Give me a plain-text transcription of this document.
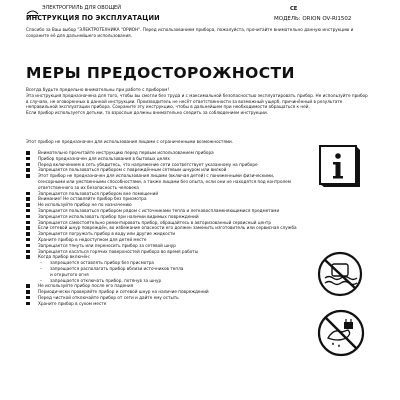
ЭЛЕКТРОГРИЛЬ ДЛЯ ОВОЩЕЙ
ИНСТРУКЦИЯ ПО ЭКСПЛУАТАЦИИ
CE
МОДЕЛЬ: ORION OV-RI1502
Спасибо за Ваш выбор "ЭЛЕКТРОТЕХНИКА "ОРИОН". Перед использованием прибора, пожалуйста, прочитайте внимательно данную инструкцию и сохраните её для дальнейшего использования.
МЕРЫ ПРЕДОСТОРОЖНОСТИ

Всегда будьте предельно внимательны при работе с прибором!

Эта инструкция предназначена для того, чтобы вы смогли без труда и с максимальной безопасностью эксплуатировать прибор. Не используйте прибор в случаях, не оговоренных в данной инструкции. Производитель не несёт ответственности за возможный ущерб, причинённый в результате неправильной эксплуатации прибора. Сохраните эту инструкцию, чтобы в дальнейшем при необходимости обращаться к ней.

Если прибор используется детьми, то взрослые должны внимательно следить за соблюдением инструкции.

Этот прибор не предназначен для использования лицами с ограниченными возможностями.
Внимательно прочитайте инструкцию перед первым использованием прибора
Прибор предназначен для использования в бытовых целях
Перед включением в сеть убедитесь, что напряжение сети соответствует указанному на приборе
Запрещается пользоваться прибором с повреждённым сетевым шнуром или вилкой
Этот прибор не предназначен для использования лицами (включая детей) с пониженными физическими, сенсорными или умственными способностями, а также лицами без опыта, если они не находятся под контролем ответственного за их безопасность человека
Запрещается пользоваться прибором вне помещений
Внимание! Не оставляйте прибор без присмотра
Не используйте прибор не по назначению
Запрещается пользоваться прибором рядом с источниками тепла и легковоспламеняющимися предметами
Запрещается использовать прибор при наличии видимых повреждений
Запрещается самостоятельно ремонтировать прибор, обращайтесь в авторизованный сервисный центр
Если сетевой шнур повреждён, во избежание опасности его должен заменить изготовитель или сервисная служба
Запрещается погружать прибор в воду или другие жидкости
Храните прибор в недоступном для детей месте
Запрещается тянуть или переносить прибор за сетевой шнур
Запрещается касаться горячих поверхностей прибора во время работы
Когда прибор включён:
– запрещается оставлять прибор без присмотра
– запрещается располагать прибор вблизи источников тепла
и открытого огня
– запрещается отключать прибор, потянув за шнур
Не используйте прибор после его падения
Периодически проверяйте прибор и сетевой шнур на наличие повреждений
Перед чисткой отключайте прибор от сети и дайте ему остыть
Храните прибор в сухом месте
